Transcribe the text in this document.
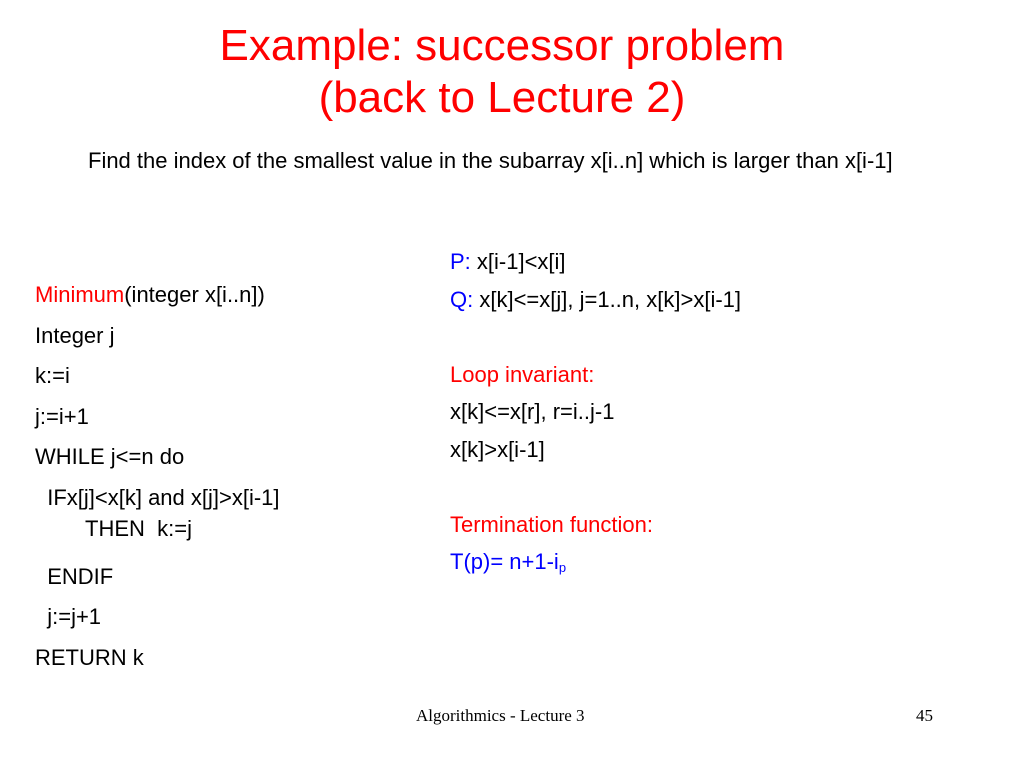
Example: successor problem
(back to Lecture 2)
Find the index of the smallest value in the subarray x[i..n] which is larger than x[i-1]
Minimum(integer x[i..n])
Integer j
k:=i
j:=i+1
WHILE j<=n do
IFx[j]<x[k] and x[j]>x[i-1]
THEN  k:=j
ENDIF
j:=j+1
RETURN k
P: x[i-1]<x[i]
Q: x[k]<=x[j], j=1..n, x[k]>x[i-1]
Loop invariant:
x[k]<=x[r], r=i..j-1
x[k]>x[i-1]
Termination function:
$T(p)= n+1-i_p$
Algorithmics - Lecture 3	45
